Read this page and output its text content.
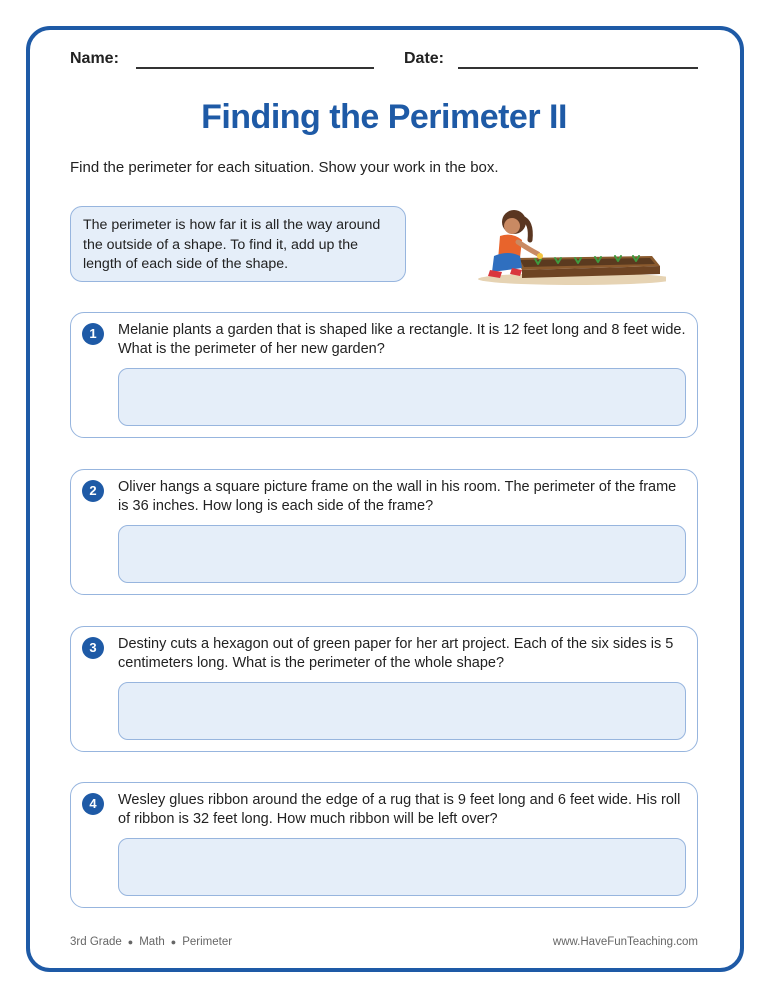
Name:	Date:
Finding the Perimeter II
Find the perimeter for each situation. Show your work in the box.
The perimeter is how far it is all the way around the outside of a shape. To find it, add up the length of each side of the shape.
1	Melanie plants a garden that is shaped like a rectangle. It is 12 feet long and 8 feet wide. What is the perimeter of her new garden?
2	Oliver hangs a square picture frame on the wall in his room. The perimeter of the frame is 36 inches. How long is each side of the frame?
3	Destiny cuts a hexagon out of green paper for her art project. Each of the six sides is 5 centimeters long. What is the perimeter of the whole shape?
4	Wesley glues ribbon around the edge of a rug that is 9 feet long and 6 feet wide. His roll of ribbon is 32 feet long. How much ribbon will be left over?
3rd Grade ● Math ● Perimeter	www.HaveFunTeaching.com
